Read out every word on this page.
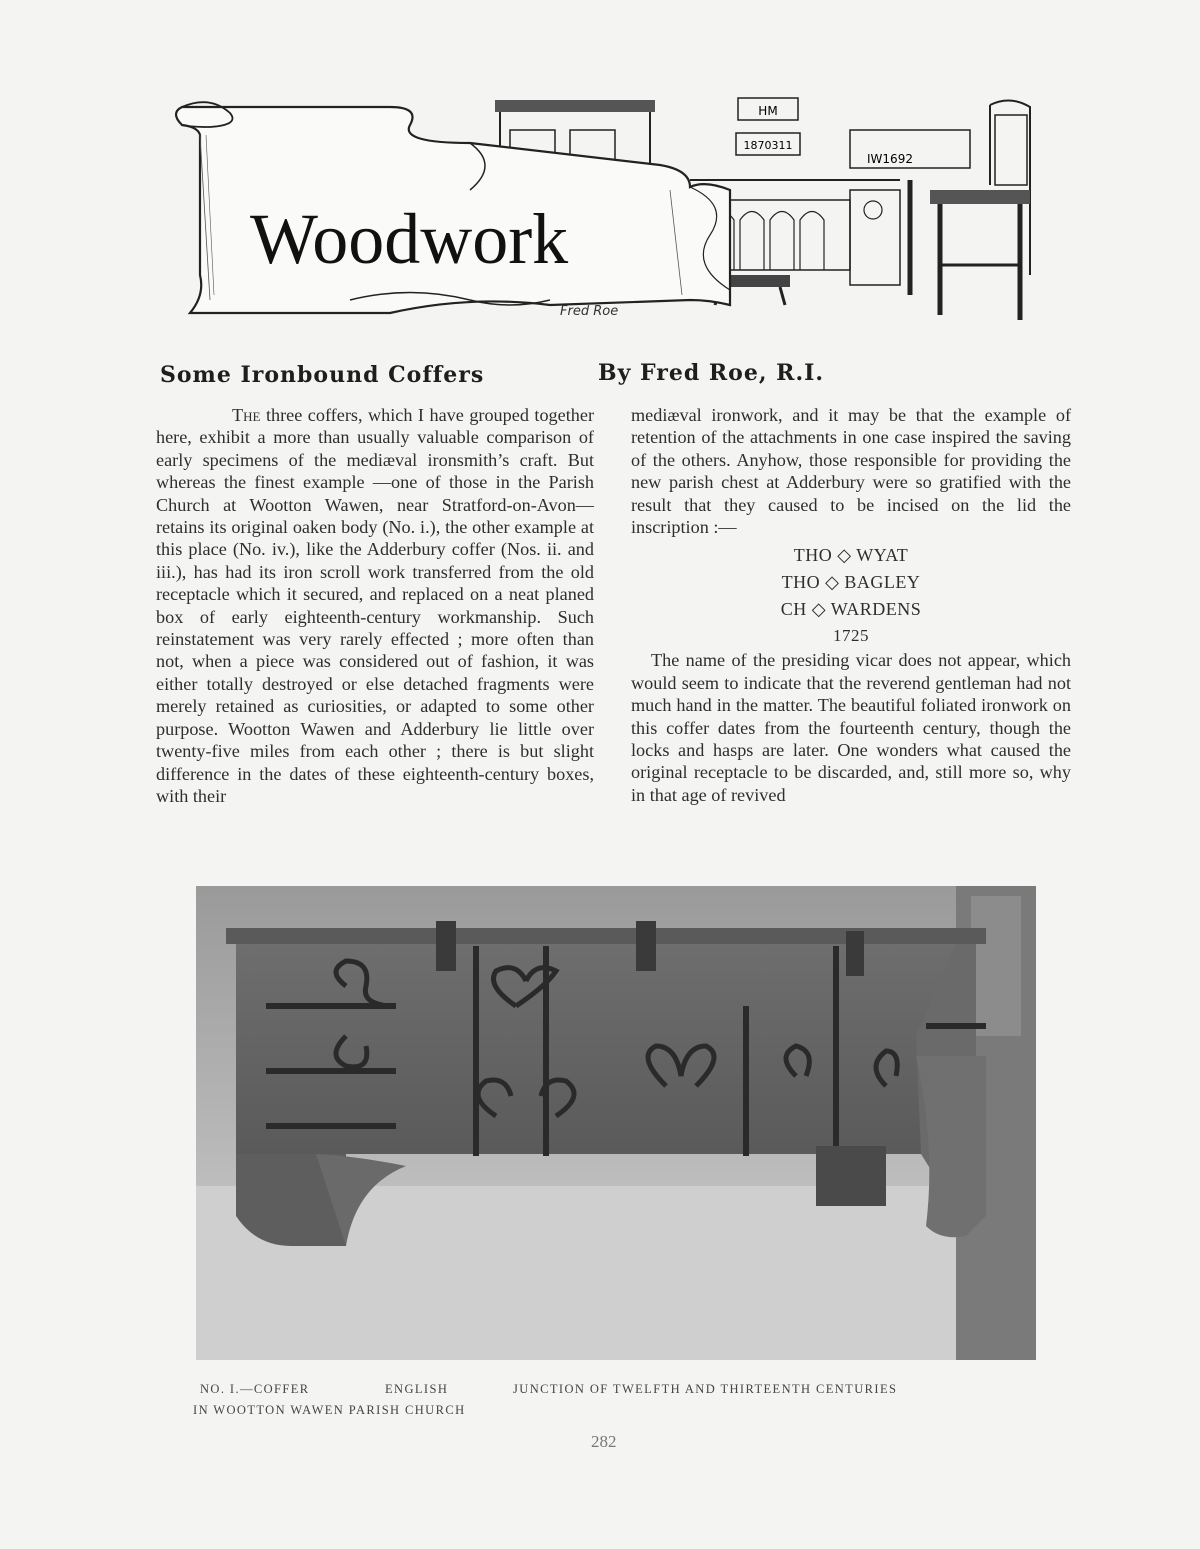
HM
1870311
IW1692
Woodwork
Fred Roe
Some Ironbound Coffers	By Fred Roe, R.I.

The three coffers, which I have grouped together here, exhibit a more than usually valuable comparison of early specimens of the mediæval ironsmith’s craft. But whereas the finest example —one of those in the Parish Church at Wootton Wawen, near Stratford-on-Avon—retains its original oaken body (No. i.), the other example at this place (No. iv.), like the Adderbury coffer (Nos. ii. and iii.), has had its iron scroll work transferred from the old receptacle which it secured, and replaced on a neat planed box of early eighteenth-century workmanship. Such reinstatement was very rarely effected ; more often than not, when a piece was considered out of fashion, it was either totally destroyed or else detached fragments were merely retained as curiosities, or adapted to some other purpose. Wootton Wawen and Adderbury lie little over twenty-five miles from each other ; there is but slight difference in the dates of these eighteenth-century boxes, with their

mediæval ironwork, and it may be that the example of retention of the attachments in one case inspired the saving of the others. Anyhow, those responsible for providing the new parish chest at Adderbury were so gratified with the result that they caused to be incised on the lid the inscription :—

THO ◇ WYAT
THO ◇ BAGLEY
CH ◇ WARDENS
1725

The name of the presiding vicar does not appear, which would seem to indicate that the reverend gentleman had not much hand in the matter. The beautiful foliated ironwork on this coffer dates from the fourteenth century, though the locks and hasps are later. One wonders what caused the original receptacle to be discarded, and, still more so, why in that age of revived

NO. I.—COFFER	ENGLISH	JUNCTION OF TWELFTH AND THIRTEENTH CENTURIES
IN WOOTTON WAWEN PARISH CHURCH
282
